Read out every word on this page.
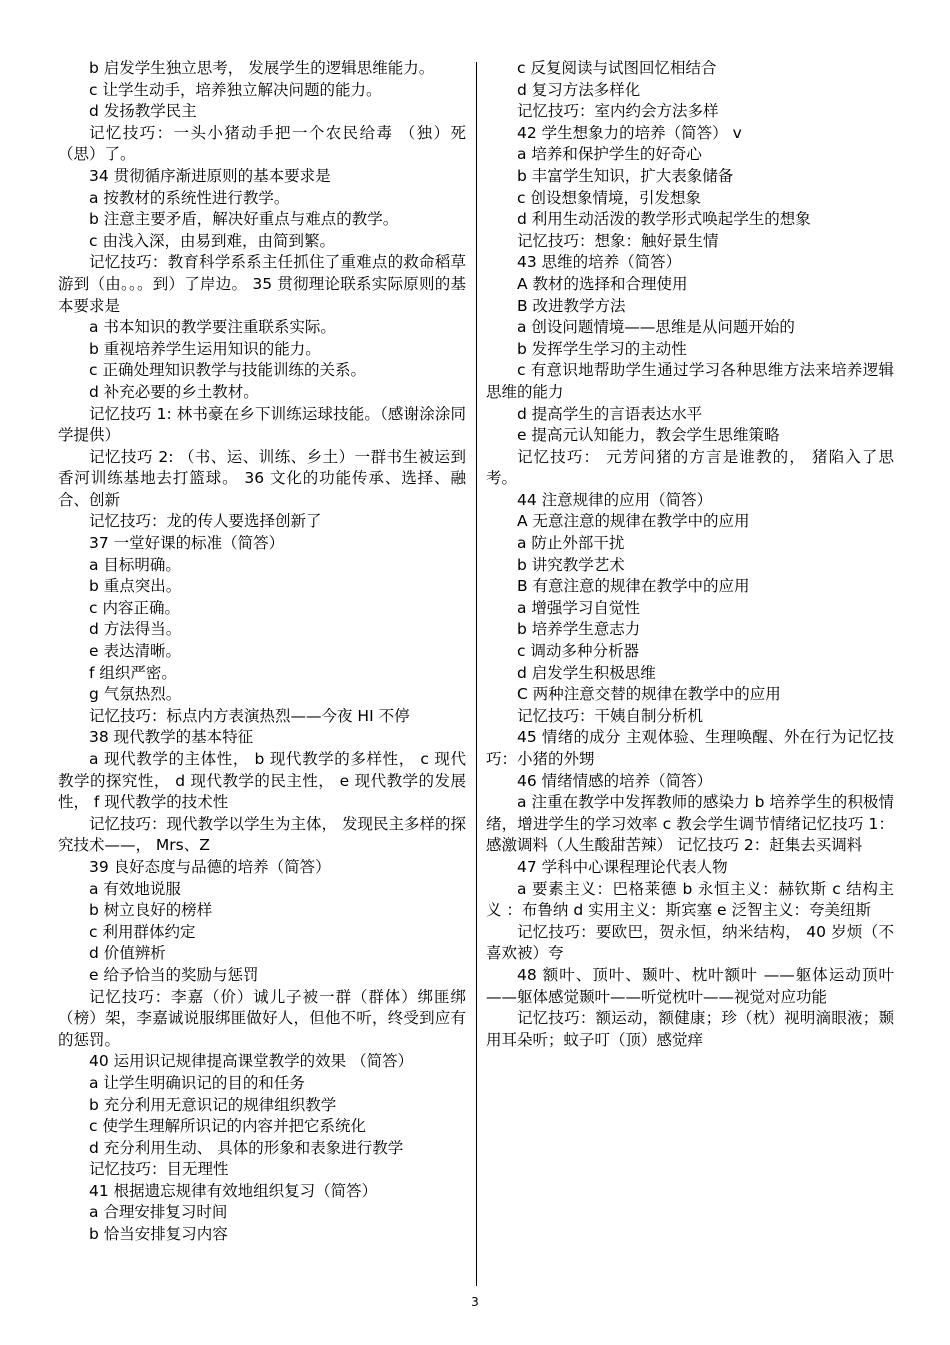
b 启发学生独立思考， 发展学生的逻辑思维能力。

c 让学生动手，培养独立解决问题的能力。

d 发扬教学民主

记忆技巧：一头小猪动手把一个农民给毒 （独）死（思）了。

34 贯彻循序渐进原则的基本要求是

a 按教材的系统性进行教学。

b 注意主要矛盾，解决好重点与难点的教学。

c 由浅入深，由易到难，由简到繁。

记忆技巧：教育科学系系主任抓住了重难点的救命稻草游到（由。。。到）了岸边。 35 贯彻理论联系实际原则的基本要求是

a 书本知识的教学要注重联系实际。

b 重视培养学生运用知识的能力。

c 正确处理知识教学与技能训练的关系。

d 补充必要的乡土教材。

记忆技巧 1: 林书豪在乡下训练运球技能。（感谢涂涂同学提供）

记忆技巧 2: （书、运、训练、乡土）一群书生被运到香河训练基地去打篮球。 36 文化的功能传承、选择、融合、创新

记忆技巧：龙的传人要选择创新了

37 一堂好课的标准（简答）

a 目标明确。

b 重点突出。

c 内容正确。

d 方法得当。

e 表达清晰。

f 组织严密。

g 气氛热烈。

记忆技巧：标点内方表演热烈——今夜 HI 不停

38 现代教学的基本特征

a 现代教学的主体性， b 现代教学的多样性， c 现代教学的探究性， d 现代教学的民主性， e 现代教学的发展性， f 现代教学的技术性

记忆技巧：现代教学以学生为主体， 发现民主多样的探究技术——， Mrs、Z

39 良好态度与品德的培养（简答）

a 有效地说服

b 树立良好的榜样

c 利用群体约定

d 价值辨析

e 给予恰当的奖励与惩罚

记忆技巧：李嘉（价）诚儿子被一群（群体）绑匪绑（榜）架，李嘉诚说服绑匪做好人，但他不听，终受到应有的惩罚。

40 运用识记规律提高课堂教学的效果 （简答）

a 让学生明确识记的目的和任务

b 充分利用无意识记的规律组织教学

c 使学生理解所识记的内容并把它系统化

d 充分利用生动、 具体的形象和表象进行教学

记忆技巧：目无理性

41 根据遗忘规律有效地组织复习（简答）

a 合理安排复习时间

b 恰当安排复习内容

c 反复阅读与试图回忆相结合

d 复习方法多样化

记忆技巧：室内约会方法多样

42 学生想象力的培养（简答） v

a 培养和保护学生的好奇心

b 丰富学生知识，扩大表象储备

c 创设想象情境，引发想象

d 利用生动活泼的教学形式唤起学生的想象

记忆技巧：想象：触好景生情

43 思维的培养（简答）

A 教材的选择和合理使用

B 改进教学方法

a 创设问题情境——思维是从问题开始的

b 发挥学生学习的主动性

c 有意识地帮助学生通过学习各种思维方法来培养逻辑思维的能力

d 提高学生的言语表达水平

e 提高元认知能力，教会学生思维策略

记忆技巧： 元芳问猪的方言是谁教的， 猪陷入了思考。

44 注意规律的应用（简答）

A 无意注意的规律在教学中的应用

a 防止外部干扰

b 讲究教学艺术

B 有意注意的规律在教学中的应用

a 增强学习自觉性

b 培养学生意志力

c 调动多种分析器

d 启发学生积极思维

C 两种注意交替的规律在教学中的应用

记忆技巧：干姨自制分析机

45 情绪的成分 主观体验、生理唤醒、外在行为记忆技巧：小猪的外甥

46 情绪情感的培养（简答）

a 注重在教学中发挥教师的感染力 b 培养学生的积极情绪，增进学生的学习效率 c 教会学生调节情绪记忆技巧 1：感激调料（人生酸甜苦辣） 记忆技巧 2：赶集去买调料

47 学科中心课程理论代表人物

a 要素主义：巴格莱德 b 永恒主义：赫钦斯 c 结构主义 ：布鲁纳 d 实用主义：斯宾塞 e 泛智主义：夸美纽斯

记忆技巧：要欧巴，贺永恒，纳米结构， 40 岁烦（不喜欢被）夸

48 额叶、顶叶、颞叶、枕叶额叶 ——躯体运动顶叶——躯体感觉颞叶——听觉枕叶——视觉对应功能

记忆技巧：额运动，额健康；珍（枕）视明滴眼液；颞用耳朵听；蚊子叮（顶）感觉痒

3
